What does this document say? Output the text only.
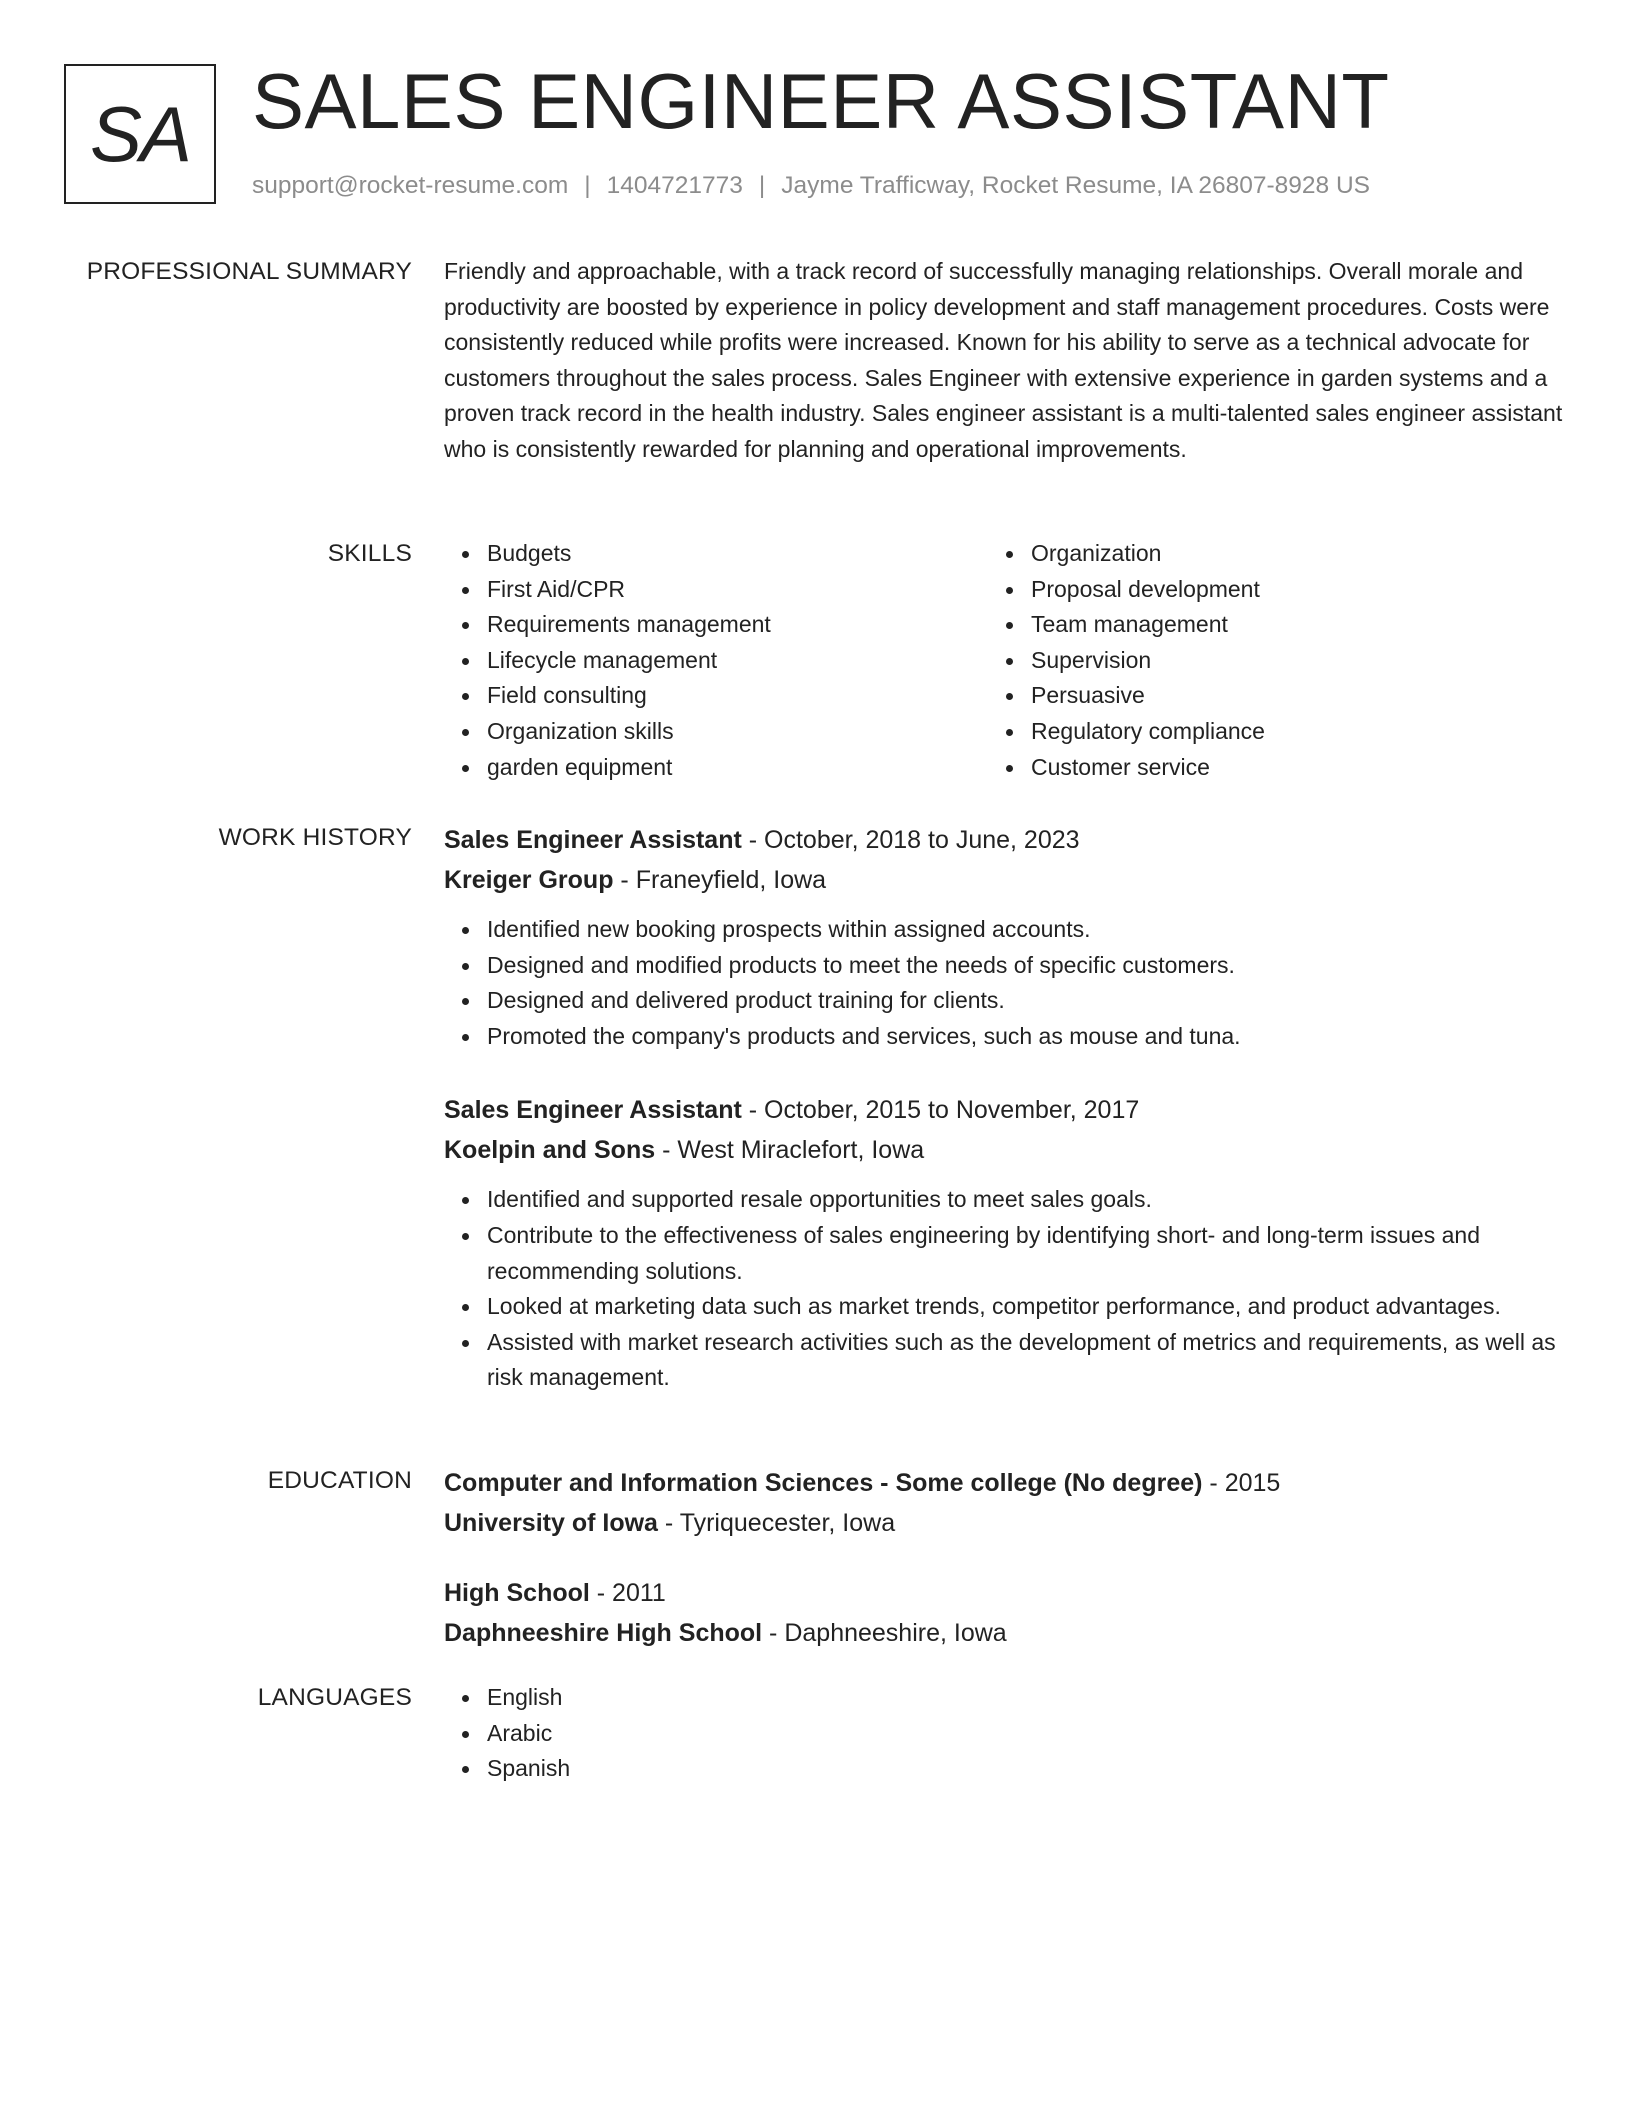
SA SALES ENGINEER ASSISTANT
support@rocket-resume.com | 1404721773 | Jayme Trafficway, Rocket Resume, IA 26807-8928 US
PROFESSIONAL SUMMARY Friendly and approachable, with a track record of successfully managing relationships. Overall morale and productivity are boosted by experience in policy development and staff management procedures. Costs were consistently reduced while profits were increased. Known for his ability to serve as a technical advocate for customers throughout the sales process. Sales Engineer with extensive experience in garden systems and a proven track record in the health industry. Sales engineer assistant is a multi-talented sales engineer assistant who is consistently rewarded for planning and operational improvements.

SKILLS	Budgets
First Aid/CPR
Requirements management
Lifecycle management
Field consulting
Organization skills
garden equipment
Organization
Proposal development
Team management
Supervision
Persuasive
Regulatory compliance
Customer service
WORK HISTORY Sales Engineer Assistant - October, 2018 to June, 2023
Kreiger Group - Franeyfield, Iowa
Identified new booking prospects within assigned accounts.
Designed and modified products to meet the needs of specific customers.
Designed and delivered product training for clients.
Promoted the company's products and services, such as mouse and tuna.
Sales Engineer Assistant - October, 2015 to November, 2017
Koelpin and Sons - West Miraclefort, Iowa
Identified and supported resale opportunities to meet sales goals.
Contribute to the effectiveness of sales engineering by identifying short- and long-term issues and recommending solutions.
Looked at marketing data such as market trends, competitor performance, and product advantages.
Assisted with market research activities such as the development of metrics and requirements, as well as risk management.
EDUCATION Computer and Information Sciences - Some college (No degree) - 2015
University of Iowa - Tyriquecester, Iowa
High School - 2011
Daphneeshire High School - Daphneeshire, Iowa
LANGUAGES	English
Arabic
Spanish
